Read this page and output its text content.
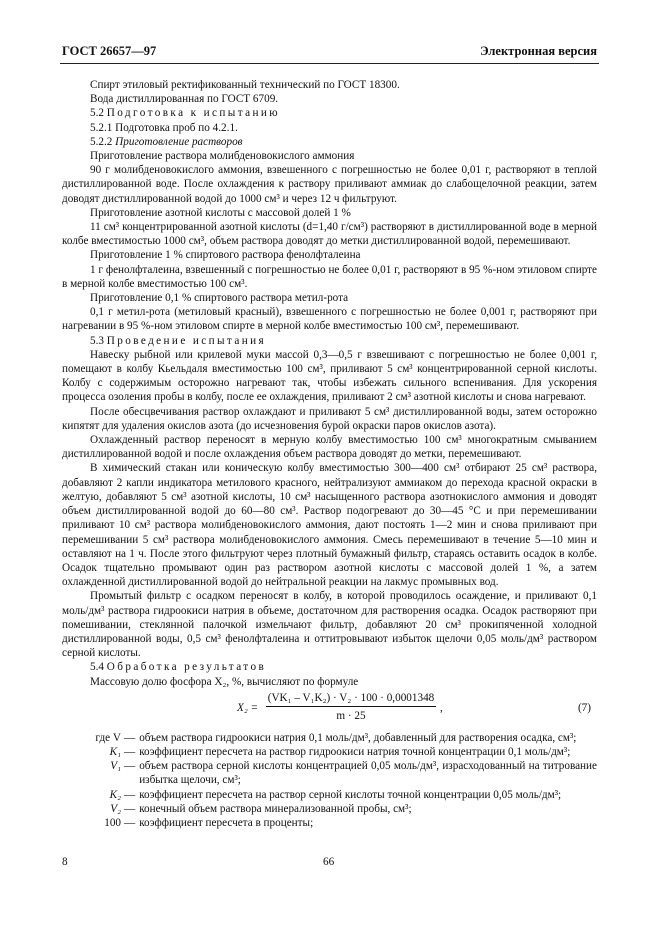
ГОСТ 26657—97	Электронная версия

Спирт этиловый ректификованный технический по ГОСТ 18300.

Вода дистиллированная по ГОСТ 6709.

5.2 Подготовка к испытанию

5.2.1 Подготовка проб по 4.2.1.

5.2.2 Приготовление растворов

Приготовление раствора молибденовокислого аммония

90 г молибденовокислого аммония, взвешенного с погрешностью не более 0,01 г, растворяют в теплой дистиллированной воде. После охлаждения к раствору приливают аммиак до слабощелочной реакции, затем доводят дистиллированной водой до 1000 см³ и через 12 ч фильтруют.

Приготовление азотной кислоты с массовой долей 1 %

11 см³ концентрированной азотной кислоты (d=1,40 г/см³) растворяют в дистиллированной воде в мерной колбе вместимостью 1000 см³, объем раствора доводят до метки дистиллированной водой, перемешивают.

Приготовление 1 % спиртового раствора фенолфталеина

1 г фенолфталеина, взвешенный с погрешностью не более 0,01 г, растворяют в 95 %-ном этиловом спирте в мерной колбе вместимостью 100 см³.

Приготовление 0,1 % спиртового раствора метил-рота

0,1 г метил-рота (метиловый красный), взвешенного с погрешностью не более 0,001 г, растворяют при нагревании в 95 %-ном этиловом спирте в мерной колбе вместимостью 100 см³, перемешивают.

5.3 Проведение испытания

Навеску рыбной или крилевой муки массой 0,3—0,5 г взвешивают с погрешностью не более 0,001 г, помещают в колбу Кьельдаля вместимостью 100 см³, приливают 5 см³ концентрированной серной кислоты. Колбу с содержимым осторожно нагревают так, чтобы избежать сильного вспенивания. Для ускорения процесса озоления пробы в колбу, после ее охлаждения, приливают 2 см³ азотной кислоты и снова нагревают.

После обесцвечивания раствор охлаждают и приливают 5 см³ дистиллированной воды, затем осторожно кипятят для удаления окислов азота (до исчезновения бурой окраски паров окислов азота).

Охлажденный раствор переносят в мерную колбу вместимостью 100 см³ многократным смыванием дистиллированной водой и после охлаждения объем раствора доводят до метки, перемешивают.

В химический стакан или коническую колбу вместимостью 300—400 см³ отбирают 25 см³ раствора, добавляют 2 капли индикатора метилового красного, нейтрализуют аммиаком до перехода красной окраски в желтую, добавляют 5 см³ азотной кислоты, 10 см³ насыщенного раствора азотнокислого аммония и доводят объем дистиллированной водой до 60—80 см³. Раствор подогревают до 30—45 °С и при перемешивании приливают 10 см³ раствора молибденовокислого аммония, дают постоять 1—2 мин и снова приливают при перемешивании 5 см³ раствора молибденовокислого аммония. Смесь перемешивают в течение 5—10 мин и оставляют на 1 ч. После этого фильтруют через плотный бумажный фильтр, стараясь оставить осадок в колбе. Осадок тщательно промывают один раз раствором азотной кислоты с массовой долей 1 %, а затем охлажденной дистиллированной водой до нейтральной реакции на лакмус промывных вод.

Промытый фильтр с осадком переносят в колбу, в которой проводилось осаждение, и приливают 0,1 моль/дм³ раствора гидроокиси натрия в объеме, достаточном для растворения осадка. Осадок растворяют при помешивании, стеклянной палочкой измельчают фильтр, добавляют 20 см³ прокипяченной холодной дистиллированной воды, 0,5 см³ фенолфталеина и оттитровывают избыток щелочи 0,05 моль/дм³ раствором серной кислоты.

5.4 Обработка результатов

Массовую долю фосфора X₂, %, вычисляют по формуле

$X_2 = \frac{\text{(VK₁ – V₁K₂) · V₂ · 100 · 0,0001348}}{m \cdot 25}$ ,	(7)
где V — объем раствора гидроокиси натрия 0,1 моль/дм³, добавленный для растворения осадка, см³;
K₁ — коэффициент пересчета на раствор гидроокиси натрия точной концентрации 0,1 моль/дм³;
V₁ — объем раствора серной кислоты концентрацией 0,05 моль/дм³, израсходованный на титрование избытка щелочи, см³;
K₂ — коэффициент пересчета на раствор серной кислоты точной концентрации 0,05 моль/дм³;
V₂ — конечный объем раствора минерализованной пробы, см³;
100 — коэффициент пересчета в проценты;
8	66
